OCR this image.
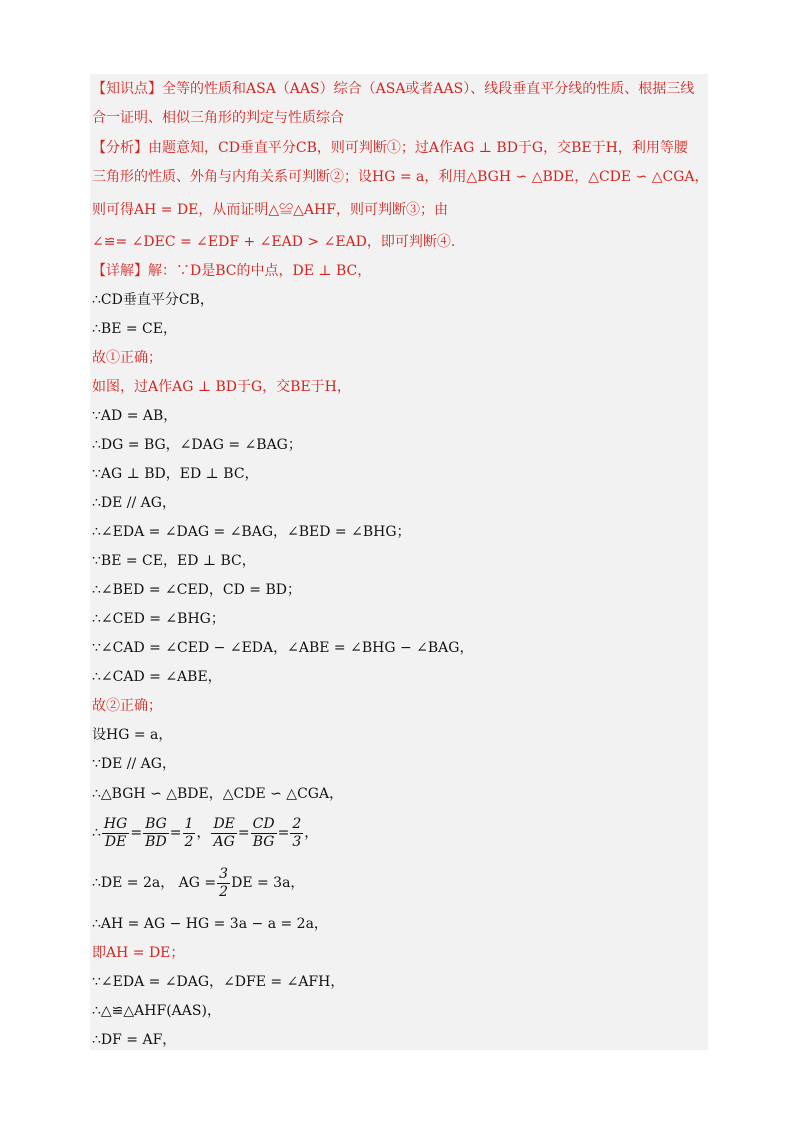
【知识点】全等的性质和ASA（AAS）综合（ASA或者AAS）、线段垂直平分线的性质、根据三线
合一证明、相似三角形的判定与性质综合
【分析】由题意知，CD垂直平分CB，则可判断①；过A作AG ⊥ BD于G，交BE于H，利用等腰
三角形的性质、外角与内角关系可判断②；设HG = a，利用△BGH ∽ △BDE，△CDE ∽ △CGA，
则可得AH = DE，从而证明△≌△AHF，则可判断③；由
∠≌= ∠DEC = ∠EDF + ∠EAD > ∠EAD，即可判断④.
【详解】解：∵D是BC的中点，DE ⊥ BC，
∴CD垂直平分CB，
∴BE = CE，
故①正确；
如图，过A作AG ⊥ BD于G，交BE于H，
∵AD = AB，
∴DG = BG，∠DAG = ∠BAG；
∵AG ⊥ BD，ED ⊥ BC，
∴DE // AG，
∴∠EDA = ∠DAG = ∠BAG，∠BED = ∠BHG；
∵BE = CE，ED ⊥ BC，
∴∠BED = ∠CED，CD = BD；
∴∠CED = ∠BHG；
∵∠CAD = ∠CED − ∠EDA，∠ABE = ∠BHG − ∠BAG，
∴∠CAD = ∠ABE，
故②正确；
设HG = a，
∵DE // AG，
∴△BGH ∽ △BDE，△CDE ∽ △CGA，
∴ $\frac{HG}{DE} = \frac{BG}{BD} = \frac{1}{2}$ ， $\frac{DE}{AG} = \frac{CD}{BG} = \frac{2}{3}$ ，
∴DE = 2a， AG = $\frac{3}{2}$ DE = 3a，
∴AH = AG − HG = 3a − a = 2a，
即AH = DE；
∵∠EDA = ∠DAG，∠DFE = ∠AFH，
∴△≌△AHF(AAS)，
∴DF = AF，
